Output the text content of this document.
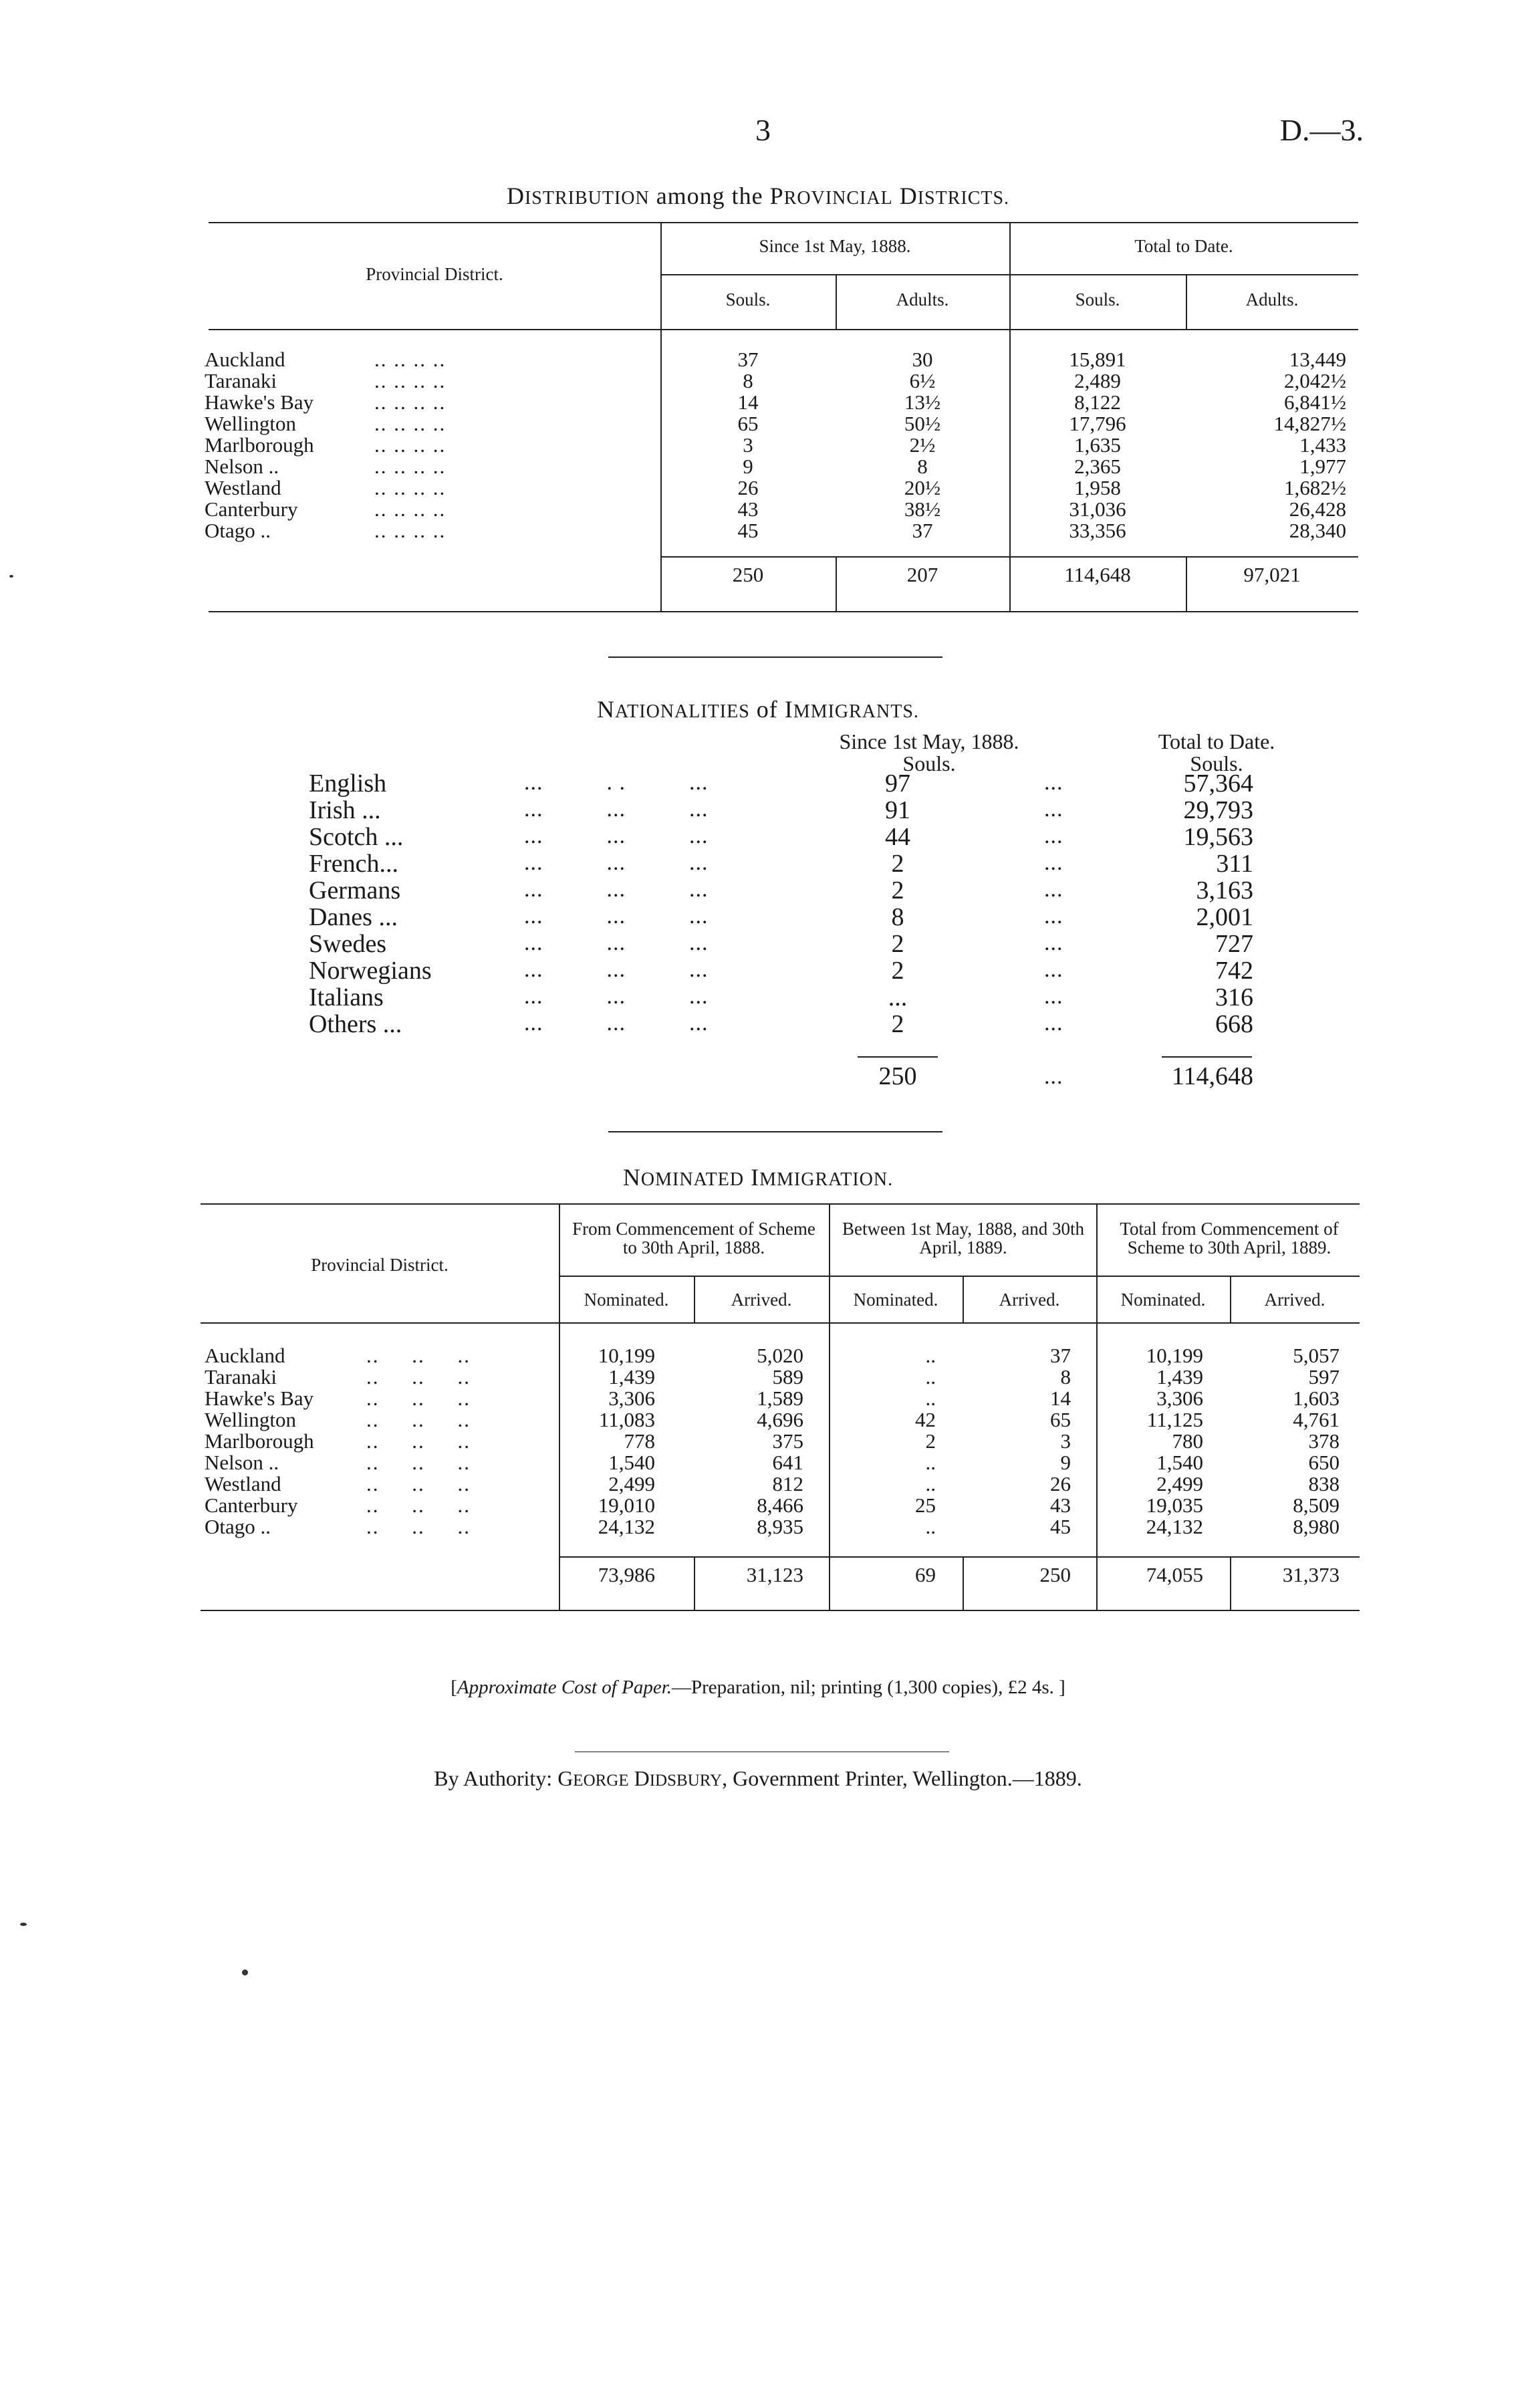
3	D.—3.
DISTRIBUTION among the PROVINCIAL DISTRICTS.
Provincial District.
Since 1st May, 1888.	Total to Date.
Souls.	Adults.	Souls.	Adults.
Auckland	.. .. .. ..	37	30	15,891	13,449
Taranaki	.. .. .. ..	8	6½	2,489	2,042½
Hawke's Bay	.. .. .. ..	14	13½	8,122	6,841½
Wellington	.. .. .. ..	65	50½	17,796	14,827½
Marlborough	.. .. .. ..	3	2½	1,635	1,433
Nelson ..	.. .. .. ..	9	8	2,365	1,977
Westland	.. .. .. ..	26	20½	1,958	1,682½
Canterbury	.. .. .. ..	43	38½	31,036	26,428
Otago ..	.. .. .. ..	45	37	33,356	28,340
250	207	114,648	97,021
NATIONALITIES of IMMIGRANTS.
Since 1st May, 1888.
Souls.
Total to Date.
Souls.
English	...          . .          ...	97	...	57,364
Irish ...	...          ...          ...	91	...	29,793
Scotch ...	...          ...          ...	44	...	19,563
French...	...          ...          ...	2	...	311
Germans	...          ...          ...	2	...	3,163
Danes ...	...          ...          ...	8	...	2,001
Swedes	...          ...          ...	2	...	727
Norwegians	...          ...          ...	2	...	742
Italians	...          ...          ...	...	...	316
Others ...	...          ...          ...	2	...	668
250	...	114,648
NOMINATED IMMIGRATION.
Provincial District.
From Commencement of Scheme to 30th April, 1888.
Between 1st May, 1888, and 30th April, 1889.
Total from Commencement of Scheme to 30th April, 1889.
Nominated.	Arrived.	Nominated.	Arrived.	Nominated.	Arrived.
Auckland	..     ..     ..	10,199	5,020	..	37	10,199	5,057
Taranaki	..     ..     ..	1,439	589	..	8	1,439	597
Hawke's Bay	..     ..     ..	3,306	1,589	..	14	3,306	1,603
Wellington	..     ..     ..	11,083	4,696	42	65	11,125	4,761
Marlborough	..     ..     ..	778	375	2	3	780	378
Nelson ..	..     ..     ..	1,540	641	..	9	1,540	650
Westland	..     ..     ..	2,499	812	..	26	2,499	838
Canterbury	..     ..     ..	19,010	8,466	25	43	19,035	8,509
Otago ..	..     ..     ..	24,132	8,935	..	45	24,132	8,980
73,986	31,123	69	250	74,055	31,373
[Approximate Cost of Paper.—Preparation, nil; printing (1,300 copies), £2 4s. ]
By Authority: GEORGE DIDSBURY, Government Printer, Wellington.—1889.
